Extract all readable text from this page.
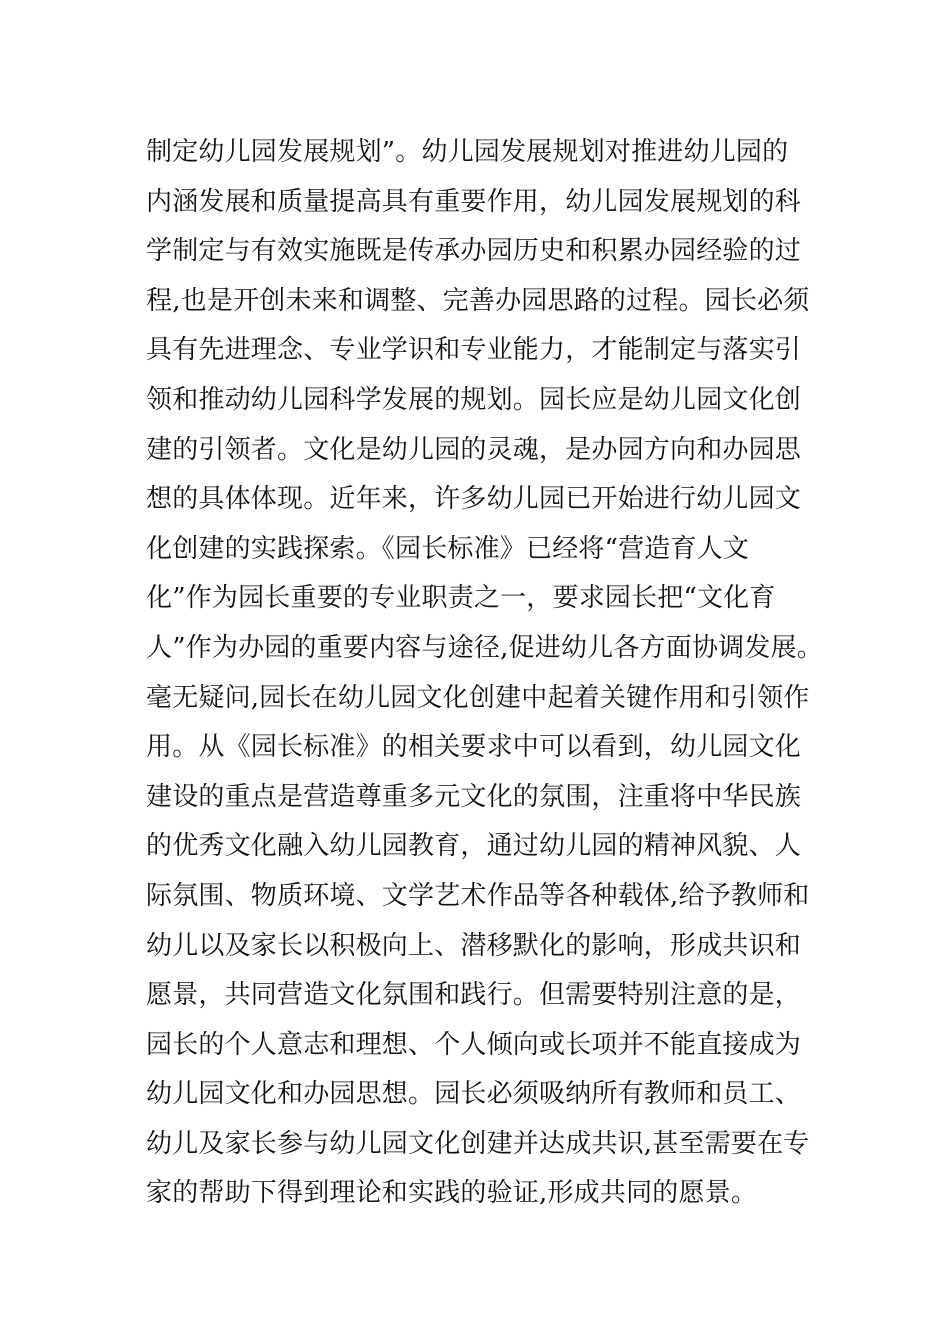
制定幼儿园发展规划”。幼儿园发展规划对推进幼儿园的
内涵发展和质量提高具有重要作用，幼儿园发展规划的科
学制定与有效实施既是传承办园历史和积累办园经验的过
程,也是开创未来和调整、完善办园思路的过程。园长必须
具有先进理念、专业学识和专业能力，才能制定与落实引
领和推动幼儿园科学发展的规划。园长应是幼儿园文化创
建的引领者。文化是幼儿园的灵魂，是办园方向和办园思
想的具体体现。近年来，许多幼儿园已开始进行幼儿园文
化创建的实践探索。《园长标准》已经将“营造育人文
化”作为园长重要的专业职责之一，要求园长把“文化育
人”作为办园的重要内容与途径,促进幼儿各方面协调发展。
毫无疑问,园长在幼儿园文化创建中起着关键作用和引领作
用。从《园长标准》的相关要求中可以看到，幼儿园文化
建设的重点是营造尊重多元文化的氛围，注重将中华民族
的优秀文化融入幼儿园教育，通过幼儿园的精神风貌、人
际氛围、物质环境、文学艺术作品等各种载体,给予教师和
幼儿以及家长以积极向上、潜移默化的影响，形成共识和
愿景，共同营造文化氛围和践行。但需要特别注意的是，
园长的个人意志和理想、个人倾向或长项并不能直接成为
幼儿园文化和办园思想。园长必须吸纳所有教师和员工、
幼儿及家长参与幼儿园文化创建并达成共识,甚至需要在专
家的帮助下得到理论和实践的验证,形成共同的愿景。
